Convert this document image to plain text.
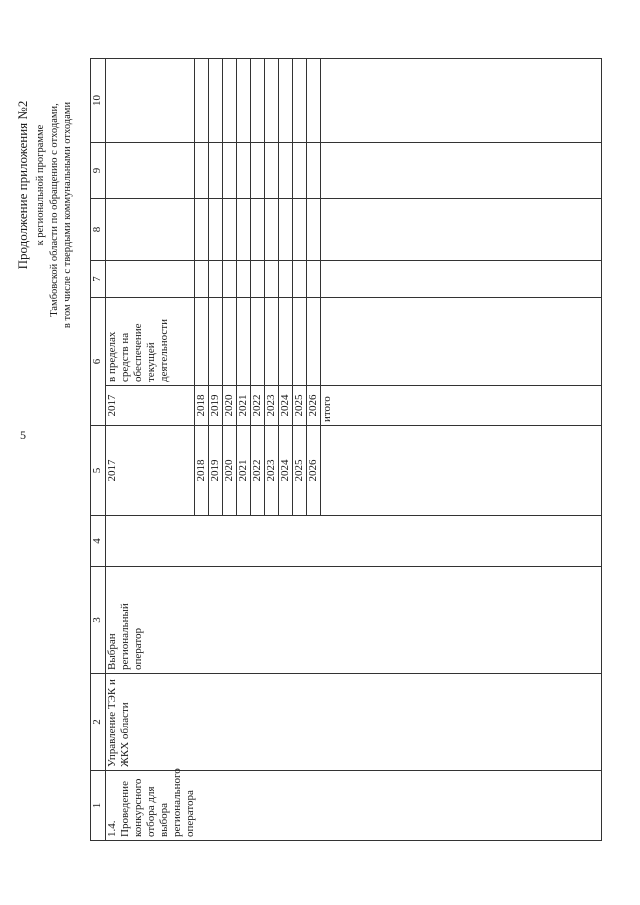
5
Продолжение приложения №2 к региональной программе Тамбовской области по обращению с отходами, в том числе с твердыми коммунальными отходами
1	2	3	4	5	6		7	8	9	10
1.4. Проведение конкурсного отбора для выбора регионального оператора	Управление ТЭК и ЖКХ области	Выбран региональный оператор		2017	2017	в пределах средств на обеспечение текущей деятельности				
				2018	2018					
				2019	2019					
				2020	2020					
				2021	2021					
				2022	2022					
				2023	2023					
				2024	2024					
				2025	2025					
				2026	2026					
					итого					
